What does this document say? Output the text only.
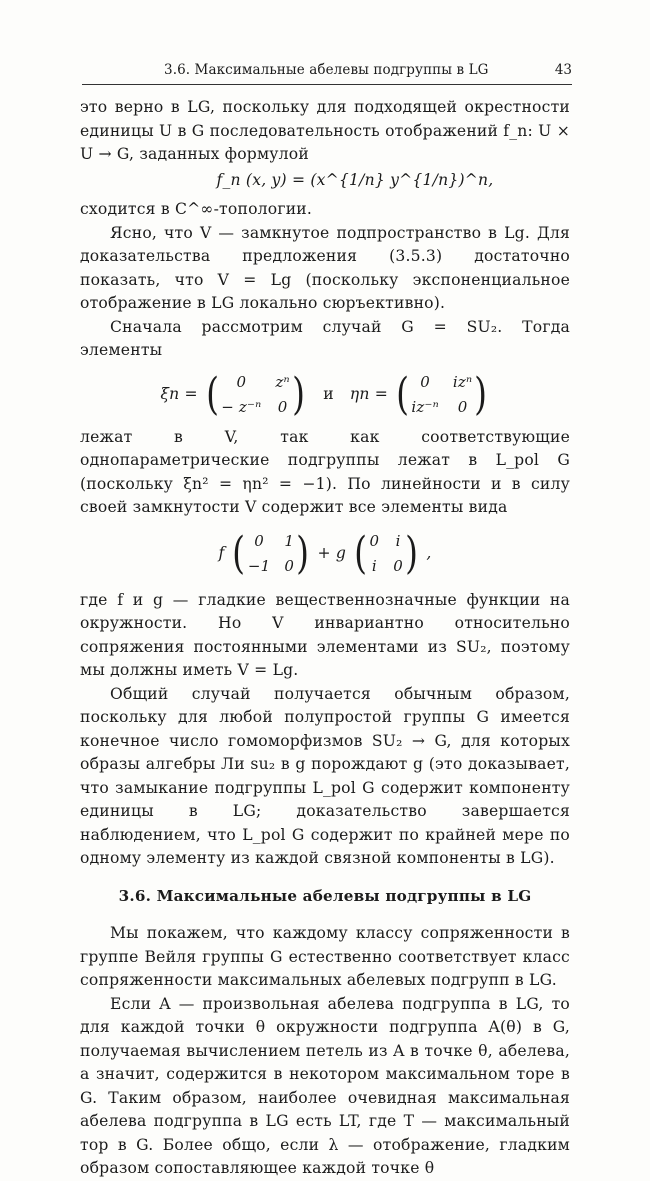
3.6. Максимальные абелевы подгруппы в LG	43

это верно в LG, поскольку для подходящей окрестности единицы U в G последовательность отображений f_n: U × U → G, заданных формулой

f_n (x, y) = (x^{1/n} y^{1/n})^n,

сходится в C^∞-топологии.

Ясно, что V — замкнутое подпространство в Lg. Для доказательства предложения (3.5.3) достаточно показать, что V = Lg (поскольку экспоненциальное отображение в LG локально сюръективно).

Сначала рассмотрим случай G = SU₂. Тогда элементы

ξn = (	0	zⁿ
− z⁻ⁿ 0 ) и ηn = ( 0	izⁿ
iz⁻ⁿ	0 )

лежат в V, так как соответствующие однопараметрические подгруппы лежат в L_pol G (поскольку ξn² = ηn² = −1). По линейности и в силу своей замкнутости V содержит все элементы вида

f ( 0	1
−1 0 ) + g ( 0 i
i 0 ) ,

где f и g — гладкие вещественнозначные функции на окружности. Но V инвариантно относительно сопряжения постоянными элементами из SU₂, поэтому мы должны иметь V = Lg.

Общий случай получается обычным образом, поскольку для любой полупростой группы G имеется конечное число гомоморфизмов SU₂ → G, для которых образы алгебры Ли su₂ в g порождают g (это доказывает, что замыкание подгруппы L_pol G содержит компоненту единицы в LG; доказательство завершается наблюдением, что L_pol G содержит по крайней мере по одному элементу из каждой связной компоненты в LG).

3.6. Максимальные абелевы подгруппы в LG

Мы покажем, что каждому классу сопряженности в группе Вейля группы G естественно соответствует класс сопряженности максимальных абелевых подгрупп в LG.

Если A — произвольная абелева подгруппа в LG, то для каждой точки θ окружности подгруппа A(θ) в G, получаемая вычислением петель из A в точке θ, абелева, а значит, содержится в некотором максимальном торе в G. Таким образом, наиболее очевидная максимальная абелева подгруппа в LG есть LT, где T — максимальный тор в G. Более общо, если λ — отображение, гладким образом сопоставляющее каждой точке θ
